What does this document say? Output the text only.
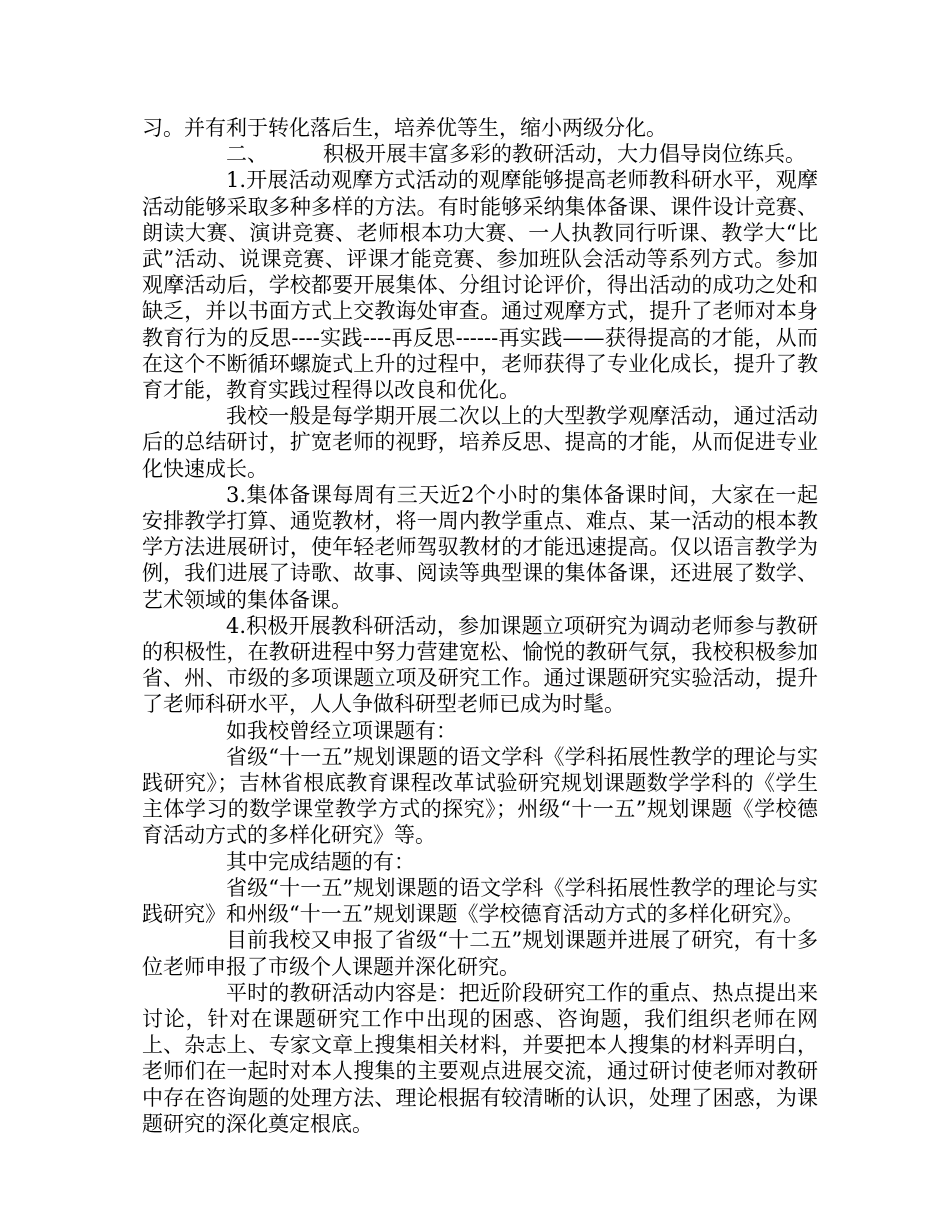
习。并有利于转化落后生，培养优等生，缩小两级分化。

二、	积极开展丰富多彩的教研活动，大力倡导岗位练兵。

1.开展活动观摩方式活动的观摩能够提高老师教科研水平，观摩活动能够采取多种多样的方法。有时能够采纳集体备课、课件设计竞赛、朗读大赛、演讲竞赛、老师根本功大赛、一人执教同行听课、教学大“比武”活动、说课竞赛、评课才能竞赛、参加班队会活动等系列方式。参加观摩活动后，学校都要开展集体、分组讨论评价，得出活动的成功之处和缺乏，并以书面方式上交教诲处审查。通过观摩方式，提升了老师对本身教育行为的反思----实践----再反思------再实践——获得提高的才能，从而在这个不断循环螺旋式上升的过程中，老师获得了专业化成长，提升了教育才能，教育实践过程得以改良和优化。

我校一般是每学期开展二次以上的大型教学观摩活动，通过活动后的总结研讨，扩宽老师的视野，培养反思、提高的才能，从而促进专业化快速成长。

3.集体备课每周有三天近2个小时的集体备课时间，大家在一起安排教学打算、通览教材，将一周内教学重点、难点、某一活动的根本教学方法进展研讨，使年轻老师驾驭教材的才能迅速提高。仅以语言教学为例，我们进展了诗歌、故事、阅读等典型课的集体备课，还进展了数学、艺术领域的集体备课。

4.积极开展教科研活动，参加课题立项研究为调动老师参与教研的积极性，在教研进程中努力营建宽松、愉悦的教研气氛，我校积极参加省、州、市级的多项课题立项及研究工作。通过课题研究实验活动，提升了老师科研水平，人人争做科研型老师已成为时髦。

如我校曾经立项课题有：

省级“十一五”规划课题的语文学科《学科拓展性教学的理论与实践研究》；吉林省根底教育课程改革试验研究规划课题数学学科的《学生主体学习的数学课堂教学方式的探究》；州级“十一五”规划课题《学校德育活动方式的多样化研究》等。

其中完成结题的有：

省级“十一五”规划课题的语文学科《学科拓展性教学的理论与实践研究》和州级“十一五”规划课题《学校德育活动方式的多样化研究》。

目前我校又申报了省级“十二五”规划课题并进展了研究，有十多位老师申报了市级个人课题并深化研究。

平时的教研活动内容是：把近阶段研究工作的重点、热点提出来讨论，针对在课题研究工作中出现的困惑、咨询题，我们组织老师在网上、杂志上、专家文章上搜集相关材料，并要把本人搜集的材料弄明白，老师们在一起时对本人搜集的主要观点进展交流，通过研讨使老师对教研中存在咨询题的处理方法、理论根据有较清晰的认识，处理了困惑，为课题研究的深化奠定根底。
